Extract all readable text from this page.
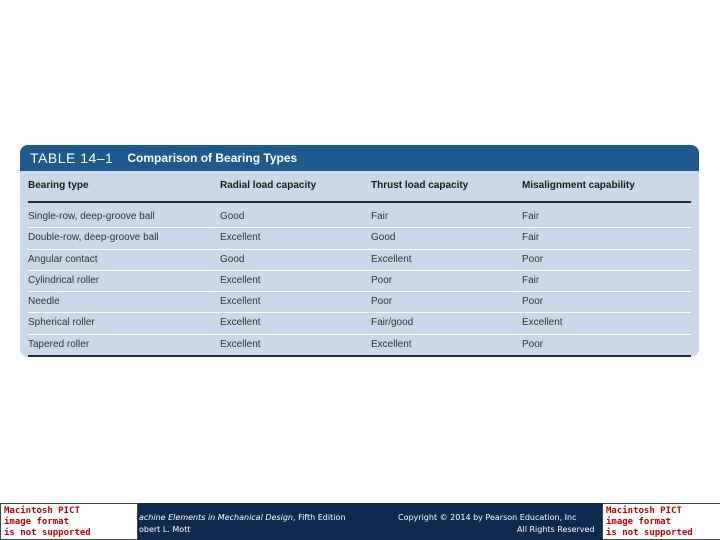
TABLE 14–1 Comparison of Bearing Types
Bearing type	Radial load capacity	Thrust load capacity	Misalignment capability
Single-row, deep-groove ball	Good	Fair	Fair
Double-row, deep-groove ball	Excellent	Good	Fair
Angular contact	Good	Excellent	Poor
Cylindrical roller	Excellent	Poor	Fair
Needle	Excellent	Poor	Poor
Spherical roller	Excellent	Fair/good	Excellent
Tapered roller	Excellent	Excellent	Poor
Macintosh PICT
image format
is not supported
achine Elements in Mechanical Design, Fifth Edition
obert L. Mott
Copyright © 2014 by Pearson Education, Inc
All Rights Reserved
Macintosh PICT
image format
is not supported
